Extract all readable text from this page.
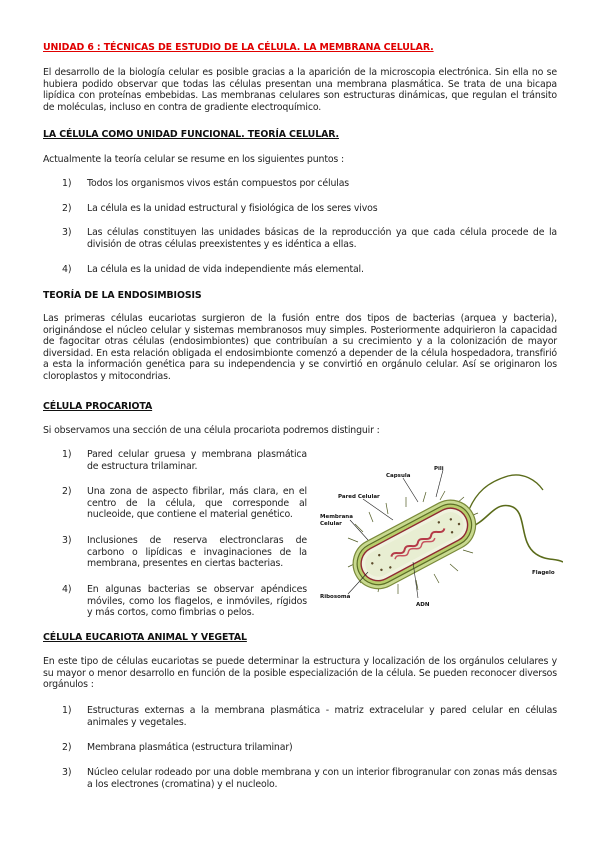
UNIDAD 6 : TÉCNICAS DE ESTUDIO DE LA CÉLULA. LA MEMBRANA CELULAR.

El desarrollo de la biología celular es posible gracias a la aparición de la microscopia electrónica. Sin ella no se hubiera podido observar que todas las células presentan una membrana plasmática. Se trata de una bicapa lipídica con proteínas embebidas. Las membranas celulares son estructuras dinámicas, que regulan el tránsito de moléculas, incluso en contra de gradiente electroquímico.

LA CÉLULA COMO UNIDAD FUNCIONAL. TEORÍA CELULAR.

Actualmente la teoría celular se resume en los siguientes puntos :

1) Todos los organismos vivos están compuestos por células
2) La célula es la unidad estructural y fisiológica de los seres vivos
3) Las células constituyen las unidades básicas de la reproducción ya que cada célula procede de la división de otras células preexistentes y es idéntica a ellas.
4) La célula es la unidad de vida independiente más elemental.
TEORÍA DE LA ENDOSIMBIOSIS

Las primeras células eucariotas surgieron de la fusión entre dos tipos de bacterias (arquea y bacteria), originándose el núcleo celular y sistemas membranosos muy simples. Posteriormente adquirieron la capacidad de fagocitar otras células (endosimbiontes) que contribuían a su crecimiento y a la colonización de mayor diversidad. En esta relación obligada el endosimbionte comenzó a depender de la célula hospedadora, transfirió a esta la información genética para su independencia y se convirtió en orgánulo celular. Así se originaron los cloroplastos y mitocondrias.

CÉLULA PROCARIOTA

Si observamos una sección de una célula procariota podremos distinguir :

1) Pared celular gruesa y membrana plasmática de estructura trilaminar.
2) Una zona de aspecto fibrilar, más clara, en el centro de la célula, que corresponde al nucleoide, que contiene el material genético.
3) Inclusiones de reserva electronclaras de carbono o lipídicas e invaginaciones de la membrana, presentes en ciertas bacterias.
4) En algunas bacterias se observar apéndices móviles, como los flagelos, e inmóviles, rígidos y más cortos, como fimbrias o pelos.
Pili
Capsula
Pared Celular
Membrana
Celular
Ribosoma
ADN
Flagelo
CÉLULA EUCARIOTA ANIMAL Y VEGETAL

En este tipo de células eucariotas se puede determinar la estructura y localización de los orgánulos celulares y su mayor o menor desarrollo en función de la posible especialización de la célula. Se pueden reconocer diversos orgánulos :

1) Estructuras externas a la membrana plasmática - matriz extracelular y pared celular en células animales y vegetales.
2) Membrana plasmática (estructura trilaminar)
3) Núcleo celular rodeado por una doble membrana y con un interior fibrogranular con zonas más densas a los electrones (cromatina) y el nucleolo.
